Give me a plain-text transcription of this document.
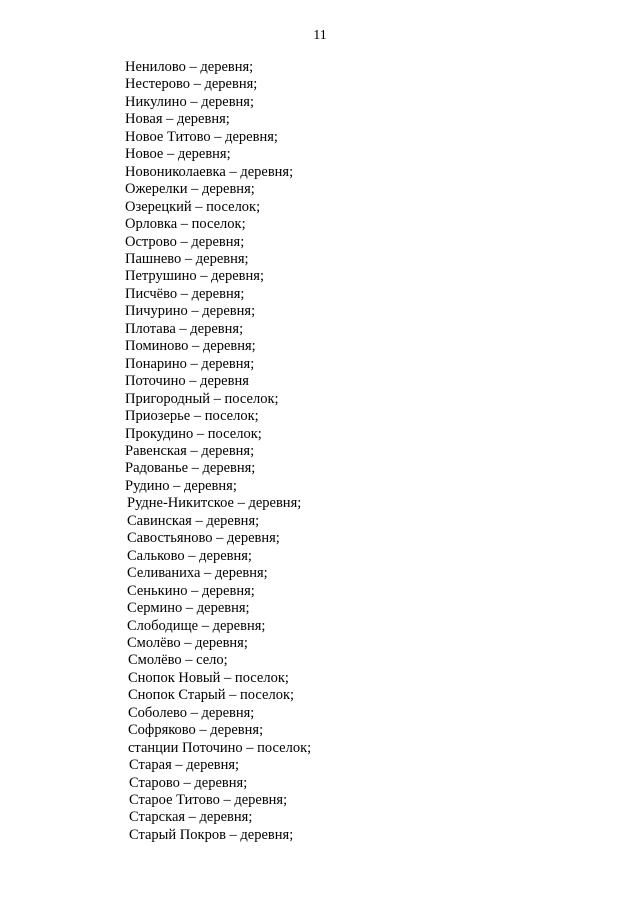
11
Ненилово – деревня;
Нестерово – деревня;
Никулино – деревня;
Новая – деревня;
Новое Титово – деревня;
Новое – деревня;
Новониколаевка – деревня;
Ожерелки – деревня;
Озерецкий – поселок;
Орловка – поселок;
Острово – деревня;
Пашнево – деревня;
Петрушино – деревня;
Писчёво – деревня;
Пичурино – деревня;
Плотава – деревня;
Поминово – деревня;
Понарино – деревня;
Поточино – деревня
Пригородный – поселок;
Приозерье – поселок;
Прокудино – поселок;
Равенская – деревня;
Радованье – деревня;
Рудино – деревня;
Рудне-Никитское – деревня;
Савинская – деревня;
Савостьяново – деревня;
Сальково – деревня;
Селиваниха – деревня;
Сенькино – деревня;
Сермино – деревня;
Слободище – деревня;
Смолёво – деревня;
Смолёво – село;
Снопок Новый – поселок;
Снопок Старый – поселок;
Соболево – деревня;
Софряково – деревня;
станции Поточино – поселок;
Старая – деревня;
Старово – деревня;
Старое Титово – деревня;
Старская – деревня;
Старый Покров – деревня;
